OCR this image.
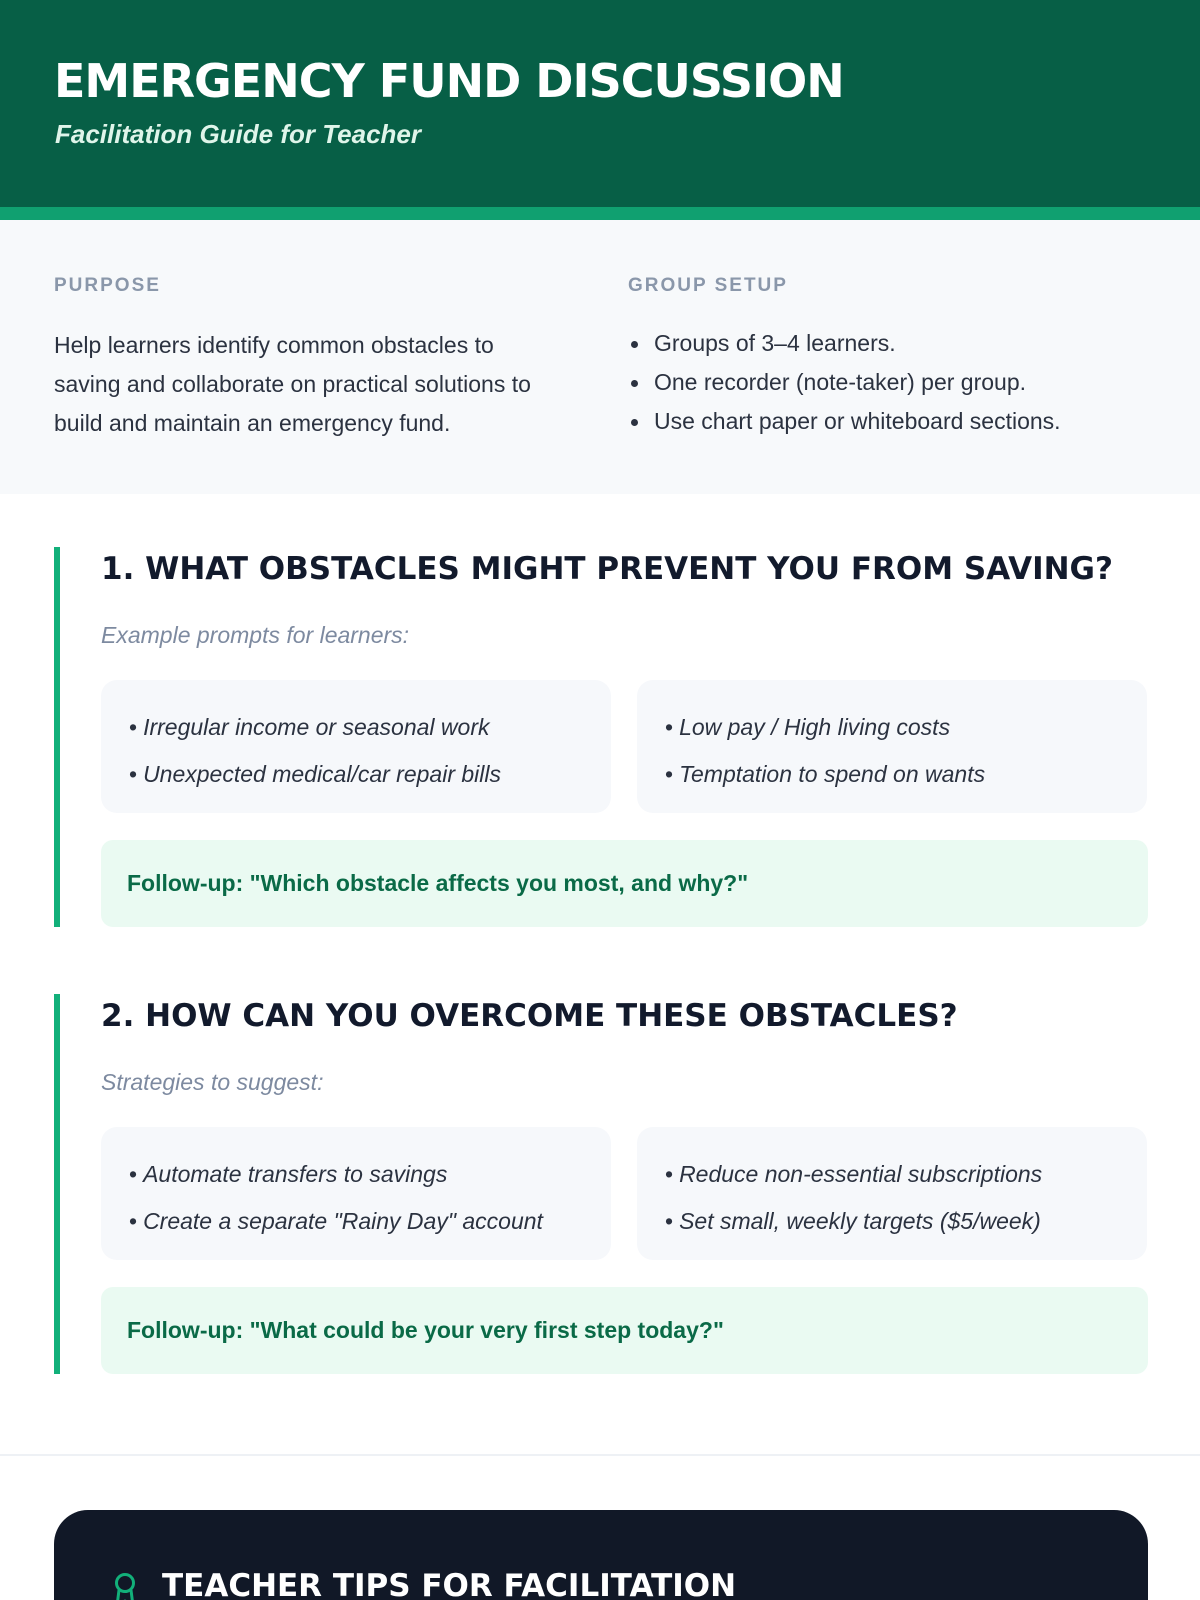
EMERGENCY FUND DISCUSSION
Facilitation Guide for Teacher
PURPOSE
Help learners identify common obstacles to saving and collaborate on practical solutions to build and maintain an emergency fund.
GROUP SETUP
Groups of 3–4 learners.
One recorder (note-taker) per group.
Use chart paper or whiteboard sections.
1. WHAT OBSTACLES MIGHT PREVENT YOU FROM SAVING?
Example prompts for learners:
• Irregular income or seasonal work
• Unexpected medical/car repair bills
• Low pay / High living costs
• Temptation to spend on wants
Follow-up: "Which obstacle affects you most, and why?"
2. HOW CAN YOU OVERCOME THESE OBSTACLES?
Strategies to suggest:
• Automate transfers to savings
• Create a separate "Rainy Day" account
• Reduce non-essential subscriptions
• Set small, weekly targets ($5/week)
Follow-up: "What could be your very first step today?"
TEACHER TIPS FOR FACILITATION
